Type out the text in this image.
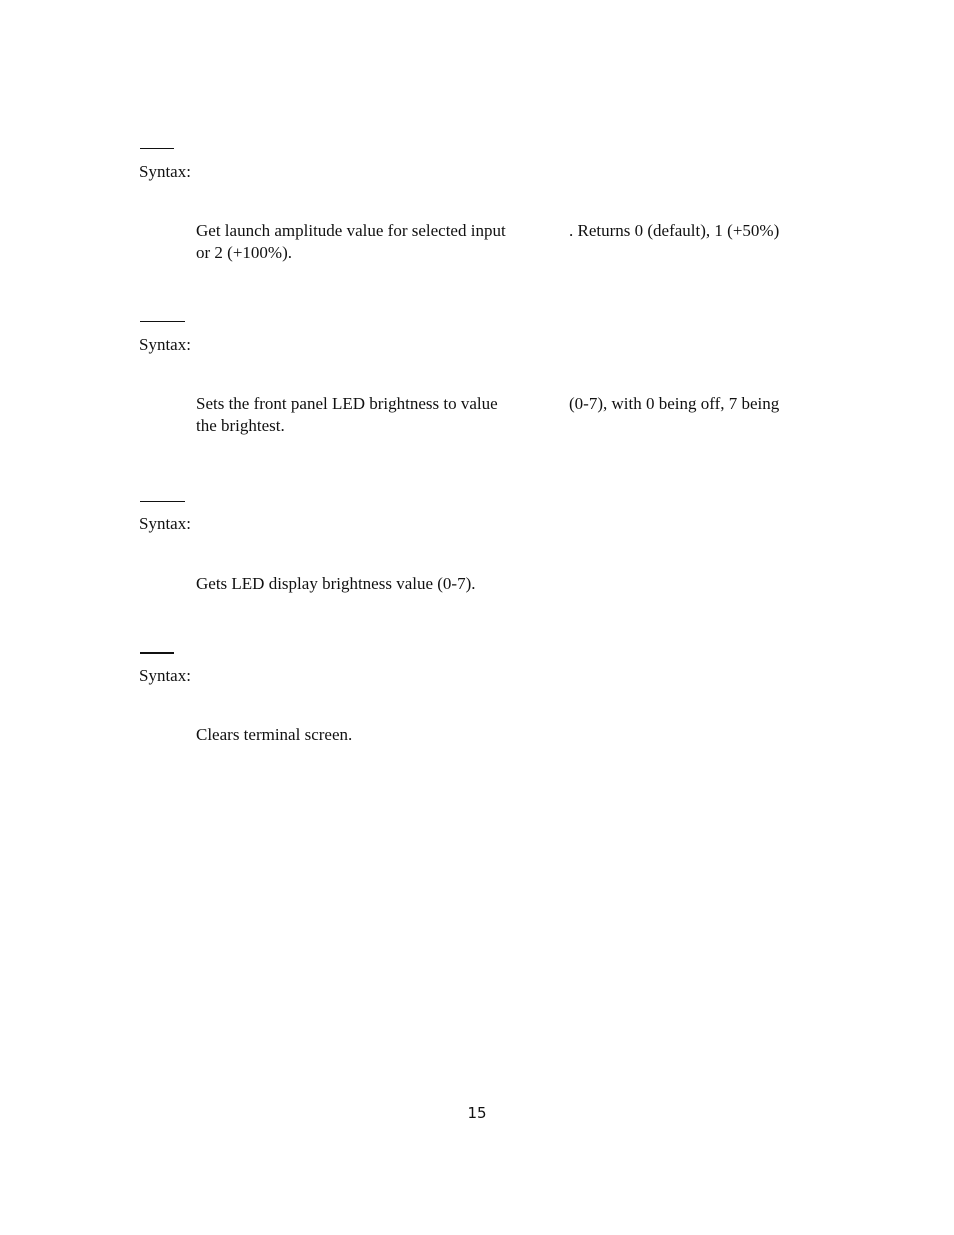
Syntax:
Get launch amplitude value for selected input	. Returns 0 (default), 1 (+50%)
or 2 (+100%).
Syntax:
Sets the front panel LED brightness to value	(0-7), with 0 being off, 7 being
the brightest.
Syntax:
Gets LED display brightness value (0-7).
Syntax:
Clears terminal screen.
15
